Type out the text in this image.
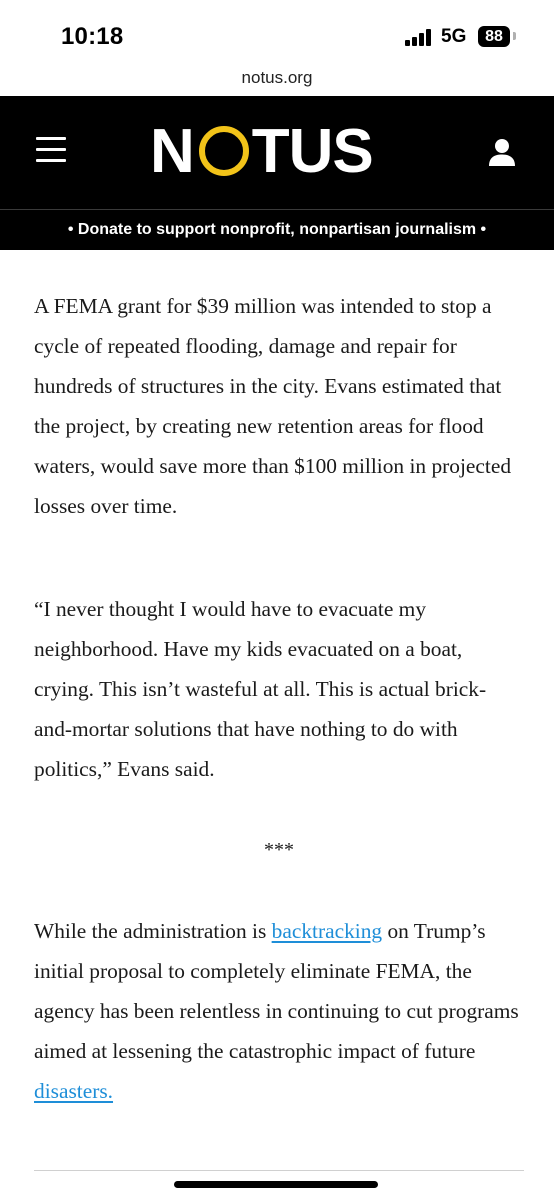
10:18	5G	88
notus.org
N TUS
• Donate to support nonprofit, nonpartisan journalism •

A FEMA grant for $39 million was intended to stop a cycle of repeated flooding, damage and repair for hundreds of structures in the city. Evans estimated that the project, by creating new retention areas for flood waters, would save more than $100 million in projected losses over time.

“I never thought I would have to evacuate my neighborhood. Have my kids evacuated on a boat, crying. This isn’t wasteful at all. This is actual brick-and-mortar solutions that have nothing to do with politics,” Evans said.

***

While the administration is backtracking on Trump’s initial proposal to completely eliminate FEMA, the agency has been relentless in continuing to cut programs aimed at lessening the catastrophic impact of future disasters.
